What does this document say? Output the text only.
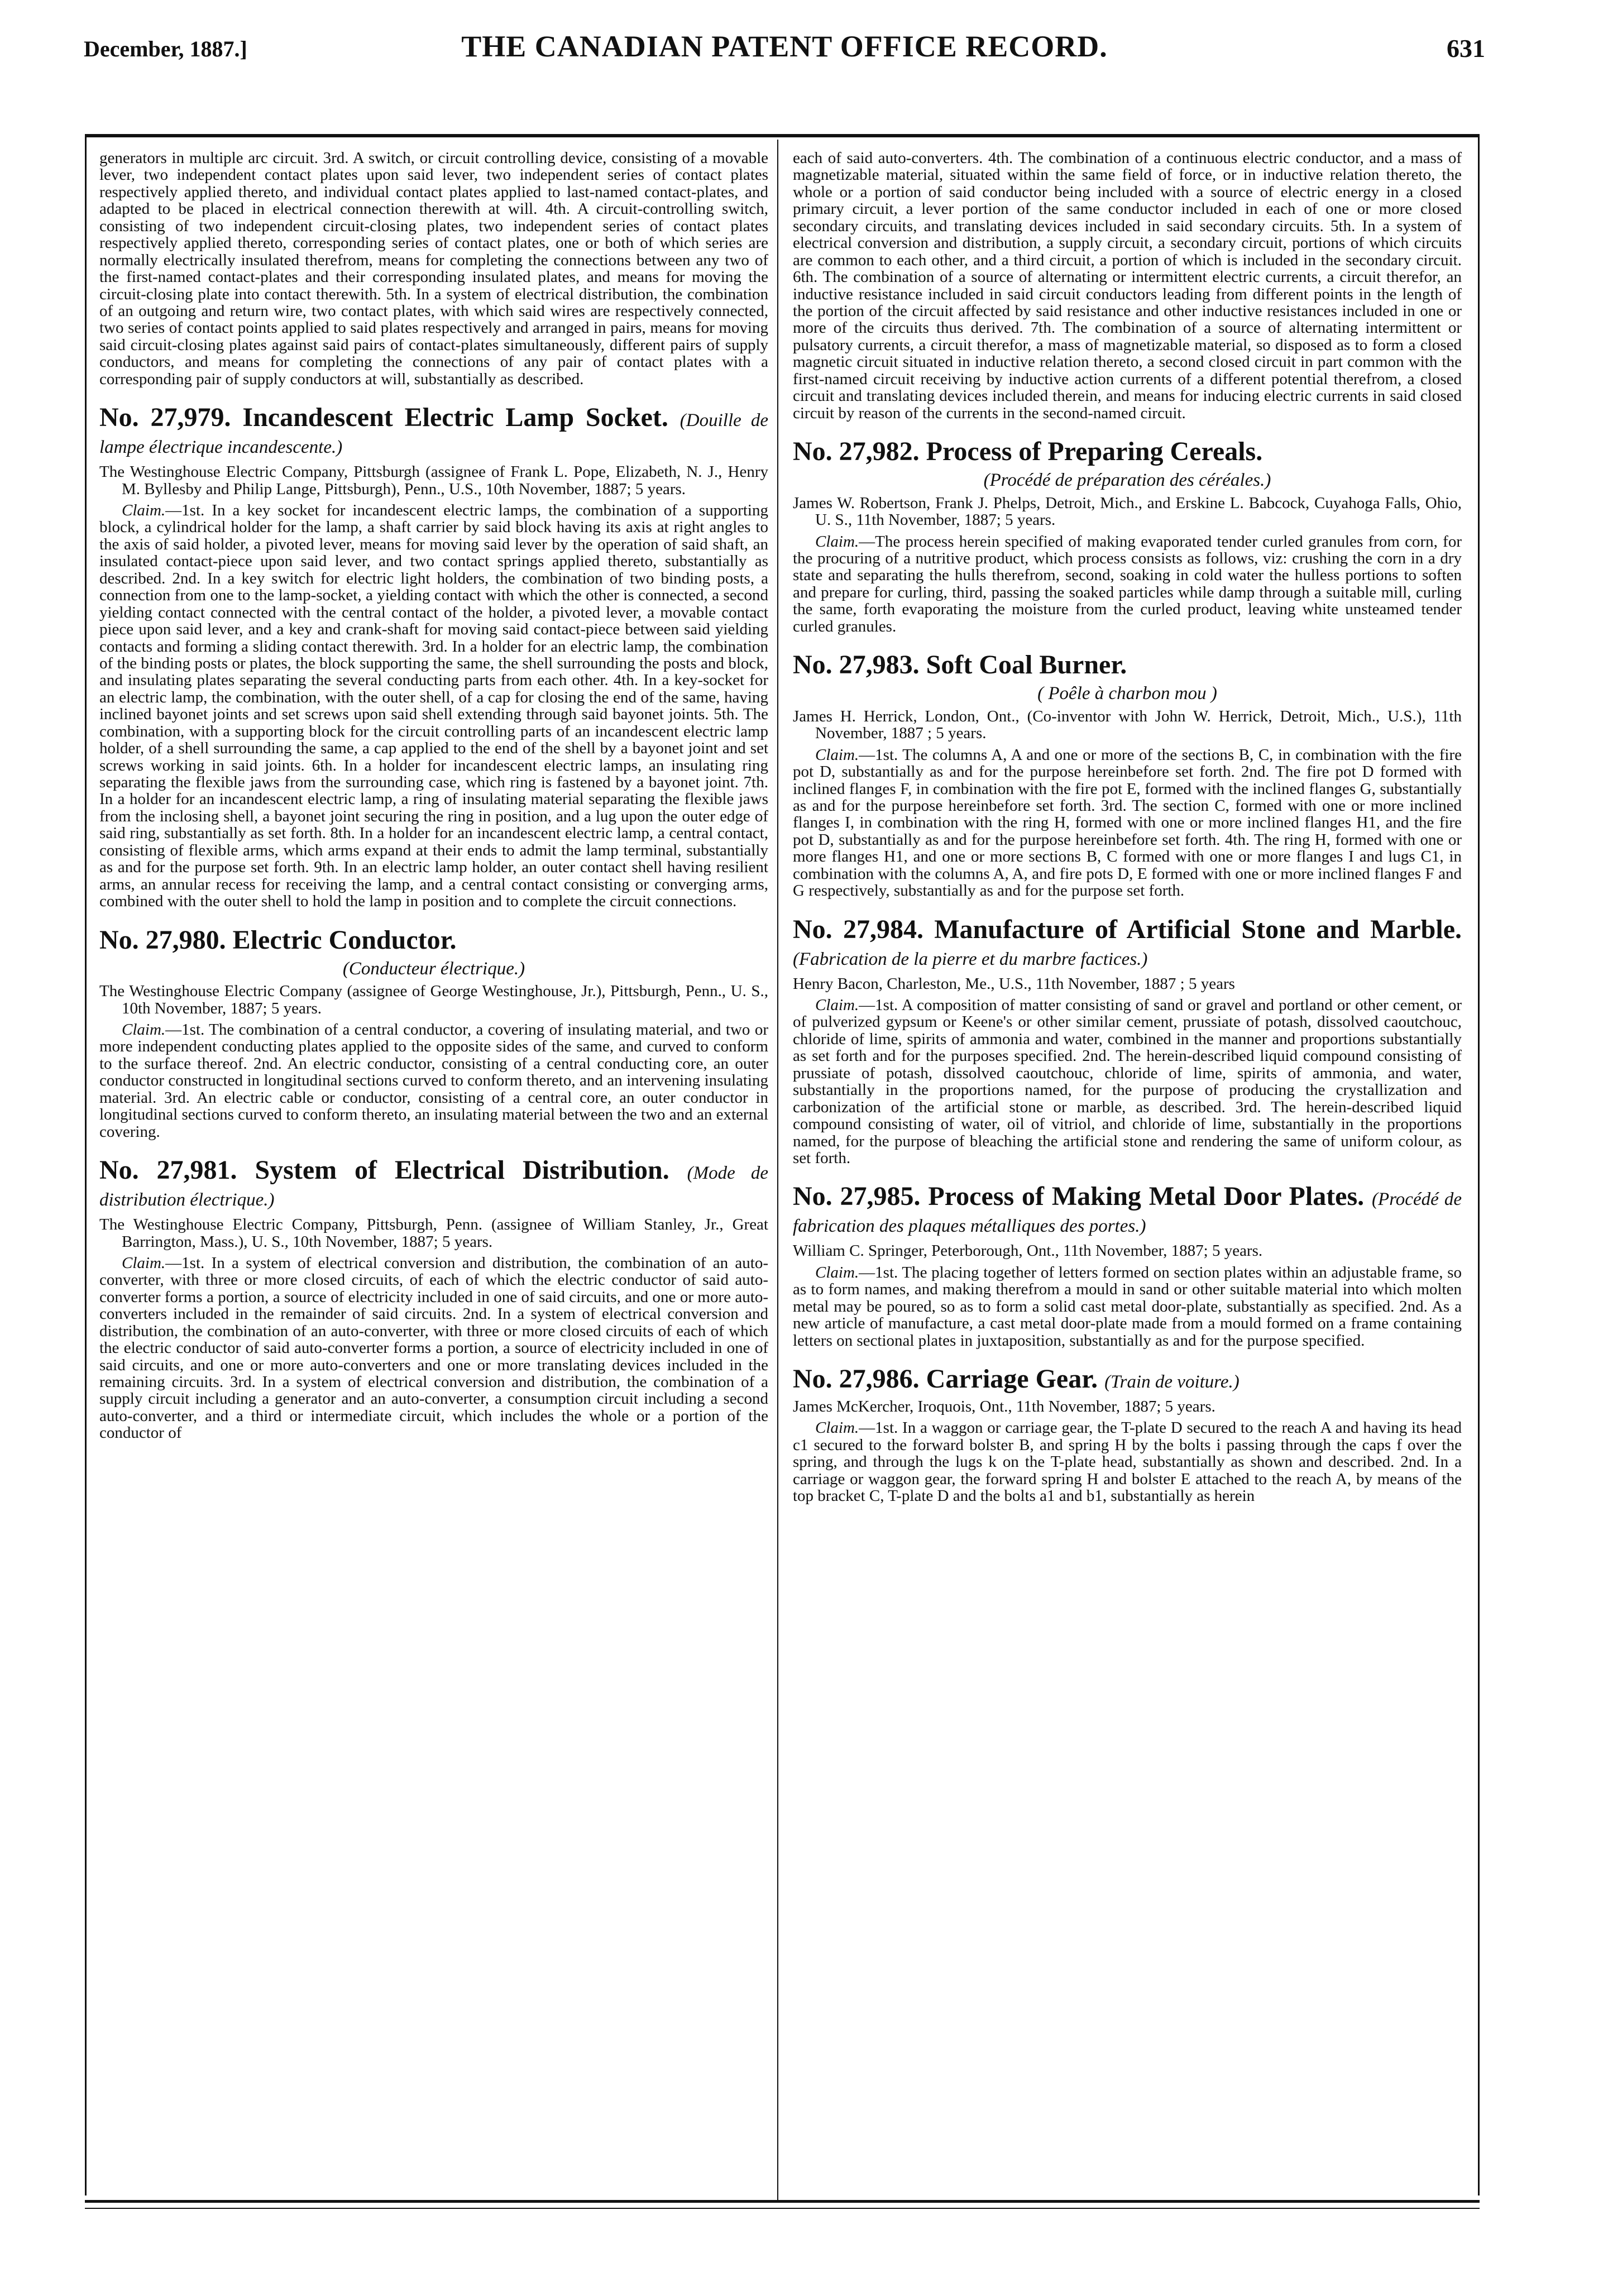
December, 1887.]	THE CANADIAN PATENT OFFICE RECORD.	631

generators in multiple arc circuit. 3rd. A switch, or circuit controlling device, consisting of a movable lever, two independent contact plates upon said lever, two independent series of contact plates respectively applied thereto, and individual contact plates applied to last-named contact-plates, and adapted to be placed in electrical connection therewith at will. 4th. A circuit-controlling switch, consisting of two independent circuit-closing plates, two independent series of contact plates respectively applied thereto, corresponding series of contact plates, one or both of which series are normally electrically insulated therefrom, means for completing the connections between any two of the first-named contact-plates and their corresponding insulated plates, and means for moving the circuit-closing plate into contact therewith. 5th. In a system of electrical distribution, the combination of an outgoing and return wire, two contact plates, with which said wires are respectively connected, two series of contact points applied to said plates respectively and arranged in pairs, means for moving said circuit-closing plates against said pairs of contact-plates simultaneously, different pairs of supply conductors, and means for completing the connections of any pair of contact plates with a corresponding pair of supply conductors at will, substantially as described.

No. 27,979. Incandescent Electric Lamp Socket. (Douille de lampe électrique incandescente.)

The Westinghouse Electric Company, Pittsburgh (assignee of Frank L. Pope, Elizabeth, N. J., Henry M. Byllesby and Philip Lange, Pittsburgh), Penn., U.S., 10th November, 1887; 5 years.

Claim.—1st. In a key socket for incandescent electric lamps, the combination of a supporting block, a cylindrical holder for the lamp, a shaft carrier by said block having its axis at right angles to the axis of said holder, a pivoted lever, means for moving said lever by the operation of said shaft, an insulated contact-piece upon said lever, and two contact springs applied thereto, substantially as described. 2nd. In a key switch for electric light holders, the combination of two binding posts, a connection from one to the lamp-socket, a yielding contact with which the other is connected, a second yielding contact connected with the central contact of the holder, a pivoted lever, a movable contact piece upon said lever, and a key and crank-shaft for moving said contact-piece between said yielding contacts and forming a sliding contact therewith. 3rd. In a holder for an electric lamp, the combination of the binding posts or plates, the block supporting the same, the shell surrounding the posts and block, and insulating plates separating the several conducting parts from each other. 4th. In a key-socket for an electric lamp, the combination, with the outer shell, of a cap for closing the end of the same, having inclined bayonet joints and set screws upon said shell extending through said bayonet joints. 5th. The combination, with a supporting block for the circuit controlling parts of an incandescent electric lamp holder, of a shell surrounding the same, a cap applied to the end of the shell by a bayonet joint and set screws working in said joints. 6th. In a holder for incandescent electric lamps, an insulating ring separating the flexible jaws from the surrounding case, which ring is fastened by a bayonet joint. 7th. In a holder for an incandescent electric lamp, a ring of insulating material separating the flexible jaws from the inclosing shell, a bayonet joint securing the ring in position, and a lug upon the outer edge of said ring, substantially as set forth. 8th. In a holder for an incandescent electric lamp, a central contact, consisting of flexible arms, which arms expand at their ends to admit the lamp terminal, substantially as and for the purpose set forth. 9th. In an electric lamp holder, an outer contact shell having resilient arms, an annular recess for receiving the lamp, and a central contact consisting or converging arms, combined with the outer shell to hold the lamp in position and to complete the circuit connections.

No. 27,980. Electric Conductor.
(Conducteur électrique.)

The Westinghouse Electric Company (assignee of George Westinghouse, Jr.), Pittsburgh, Penn., U. S., 10th November, 1887; 5 years.

Claim.—1st. The combination of a central conductor, a covering of insulating material, and two or more independent conducting plates applied to the opposite sides of the same, and curved to conform to the surface thereof. 2nd. An electric conductor, consisting of a central conducting core, an outer conductor constructed in longitudinal sections curved to conform thereto, and an intervening insulating material. 3rd. An electric cable or conductor, consisting of a central core, an outer conductor in longitudinal sections curved to conform thereto, an insulating material between the two and an external covering.

No. 27,981. System of Electrical Distribution. (Mode de distribution électrique.)

The Westinghouse Electric Company, Pittsburgh, Penn. (assignee of William Stanley, Jr., Great Barrington, Mass.), U. S., 10th November, 1887; 5 years.

Claim.—1st. In a system of electrical conversion and distribution, the combination of an auto-converter, with three or more closed circuits, of each of which the electric conductor of said auto-converter forms a portion, a source of electricity included in one of said circuits, and one or more auto-converters included in the remainder of said circuits. 2nd. In a system of electrical conversion and distribution, the combination of an auto-converter, with three or more closed circuits of each of which the electric conductor of said auto-converter forms a portion, a source of electricity included in one of said circuits, and one or more auto-converters and one or more translating devices included in the remaining circuits. 3rd. In a system of electrical conversion and distribution, the combination of a supply circuit including a generator and an auto-converter, a consumption circuit including a second auto-converter, and a third or intermediate circuit, which includes the whole or a portion of the conductor of

each of said auto-converters. 4th. The combination of a continuous electric conductor, and a mass of magnetizable material, situated within the same field of force, or in inductive relation thereto, the whole or a portion of said conductor being included with a source of electric energy in a closed primary circuit, a lever portion of the same conductor included in each of one or more closed secondary circuits, and translating devices included in said secondary circuits. 5th. In a system of electrical conversion and distribution, a supply circuit, a secondary circuit, portions of which circuits are common to each other, and a third circuit, a portion of which is included in the secondary circuit. 6th. The combination of a source of alternating or intermittent electric currents, a circuit therefor, an inductive resistance included in said circuit conductors leading from different points in the length of the portion of the circuit affected by said resistance and other inductive resistances included in one or more of the circuits thus derived. 7th. The combination of a source of alternating intermittent or pulsatory currents, a circuit therefor, a mass of magnetizable material, so disposed as to form a closed magnetic circuit situated in inductive relation thereto, a second closed circuit in part common with the first-named circuit receiving by inductive action currents of a different potential therefrom, a closed circuit and translating devices included therein, and means for inducing electric currents in said closed circuit by reason of the currents in the second-named circuit.

No. 27,982. Process of Preparing Cereals.
(Procédé de préparation des céréales.)

James W. Robertson, Frank J. Phelps, Detroit, Mich., and Erskine L. Babcock, Cuyahoga Falls, Ohio, U. S., 11th November, 1887; 5 years.

Claim.—The process herein specified of making evaporated tender curled granules from corn, for the procuring of a nutritive product, which process consists as follows, viz: crushing the corn in a dry state and separating the hulls therefrom, second, soaking in cold water the hulless portions to soften and prepare for curling, third, passing the soaked particles while damp through a suitable mill, curling the same, forth evaporating the moisture from the curled product, leaving white unsteamed tender curled granules.

No. 27,983. Soft Coal Burner.
( Poêle à charbon mou )

James H. Herrick, London, Ont., (Co-inventor with John W. Herrick, Detroit, Mich., U.S.), 11th November, 1887 ; 5 years.

Claim.—1st. The columns A, A and one or more of the sections B, C, in combination with the fire pot D, substantially as and for the purpose hereinbefore set forth. 2nd. The fire pot D formed with inclined flanges F, in combination with the fire pot E, formed with the inclined flanges G, substantially as and for the purpose hereinbefore set forth. 3rd. The section C, formed with one or more inclined flanges I, in combination with the ring H, formed with one or more inclined flanges H1, and the fire pot D, substantially as and for the purpose hereinbefore set forth. 4th. The ring H, formed with one or more flanges H1, and one or more sections B, C formed with one or more flanges I and lugs C1, in combination with the columns A, A, and fire pots D, E formed with one or more inclined flanges F and G respectively, substantially as and for the purpose set forth.

No. 27,984. Manufacture of Artificial Stone and Marble. (Fabrication de la pierre et du marbre factices.)

Henry Bacon, Charleston, Me., U.S., 11th November, 1887 ; 5 years

Claim.—1st. A composition of matter consisting of sand or gravel and portland or other cement, or of pulverized gypsum or Keene's or other similar cement, prussiate of potash, dissolved caoutchouc, chloride of lime, spirits of ammonia and water, combined in the manner and proportions substantially as set forth and for the purposes specified. 2nd. The herein-described liquid compound consisting of prussiate of potash, dissolved caoutchouc, chloride of lime, spirits of ammonia, and water, substantially in the proportions named, for the purpose of producing the crystallization and carbonization of the artificial stone or marble, as described. 3rd. The herein-described liquid compound consisting of water, oil of vitriol, and chloride of lime, substantially in the proportions named, for the purpose of bleaching the artificial stone and rendering the same of uniform colour, as set forth.

No. 27,985. Process of Making Metal Door Plates. (Procédé de fabrication des plaques métalliques des portes.)

William C. Springer, Peterborough, Ont., 11th November, 1887; 5 years.

Claim.—1st. The placing together of letters formed on section plates within an adjustable frame, so as to form names, and making therefrom a mould in sand or other suitable material into which molten metal may be poured, so as to form a solid cast metal door-plate, substantially as specified. 2nd. As a new article of manufacture, a cast metal door-plate made from a mould formed on a frame containing letters on sectional plates in juxtaposition, substantially as and for the purpose specified.

No. 27,986. Carriage Gear. (Train de voiture.)

James McKercher, Iroquois, Ont., 11th November, 1887; 5 years.

Claim.—1st. In a waggon or carriage gear, the T-plate D secured to the reach A and having its head c1 secured to the forward bolster B, and spring H by the bolts i passing through the caps f over the spring, and through the lugs k on the T-plate head, substantially as shown and described. 2nd. In a carriage or waggon gear, the forward spring H and bolster E attached to the reach A, by means of the top bracket C, T-plate D and the bolts a1 and b1, substantially as herein
